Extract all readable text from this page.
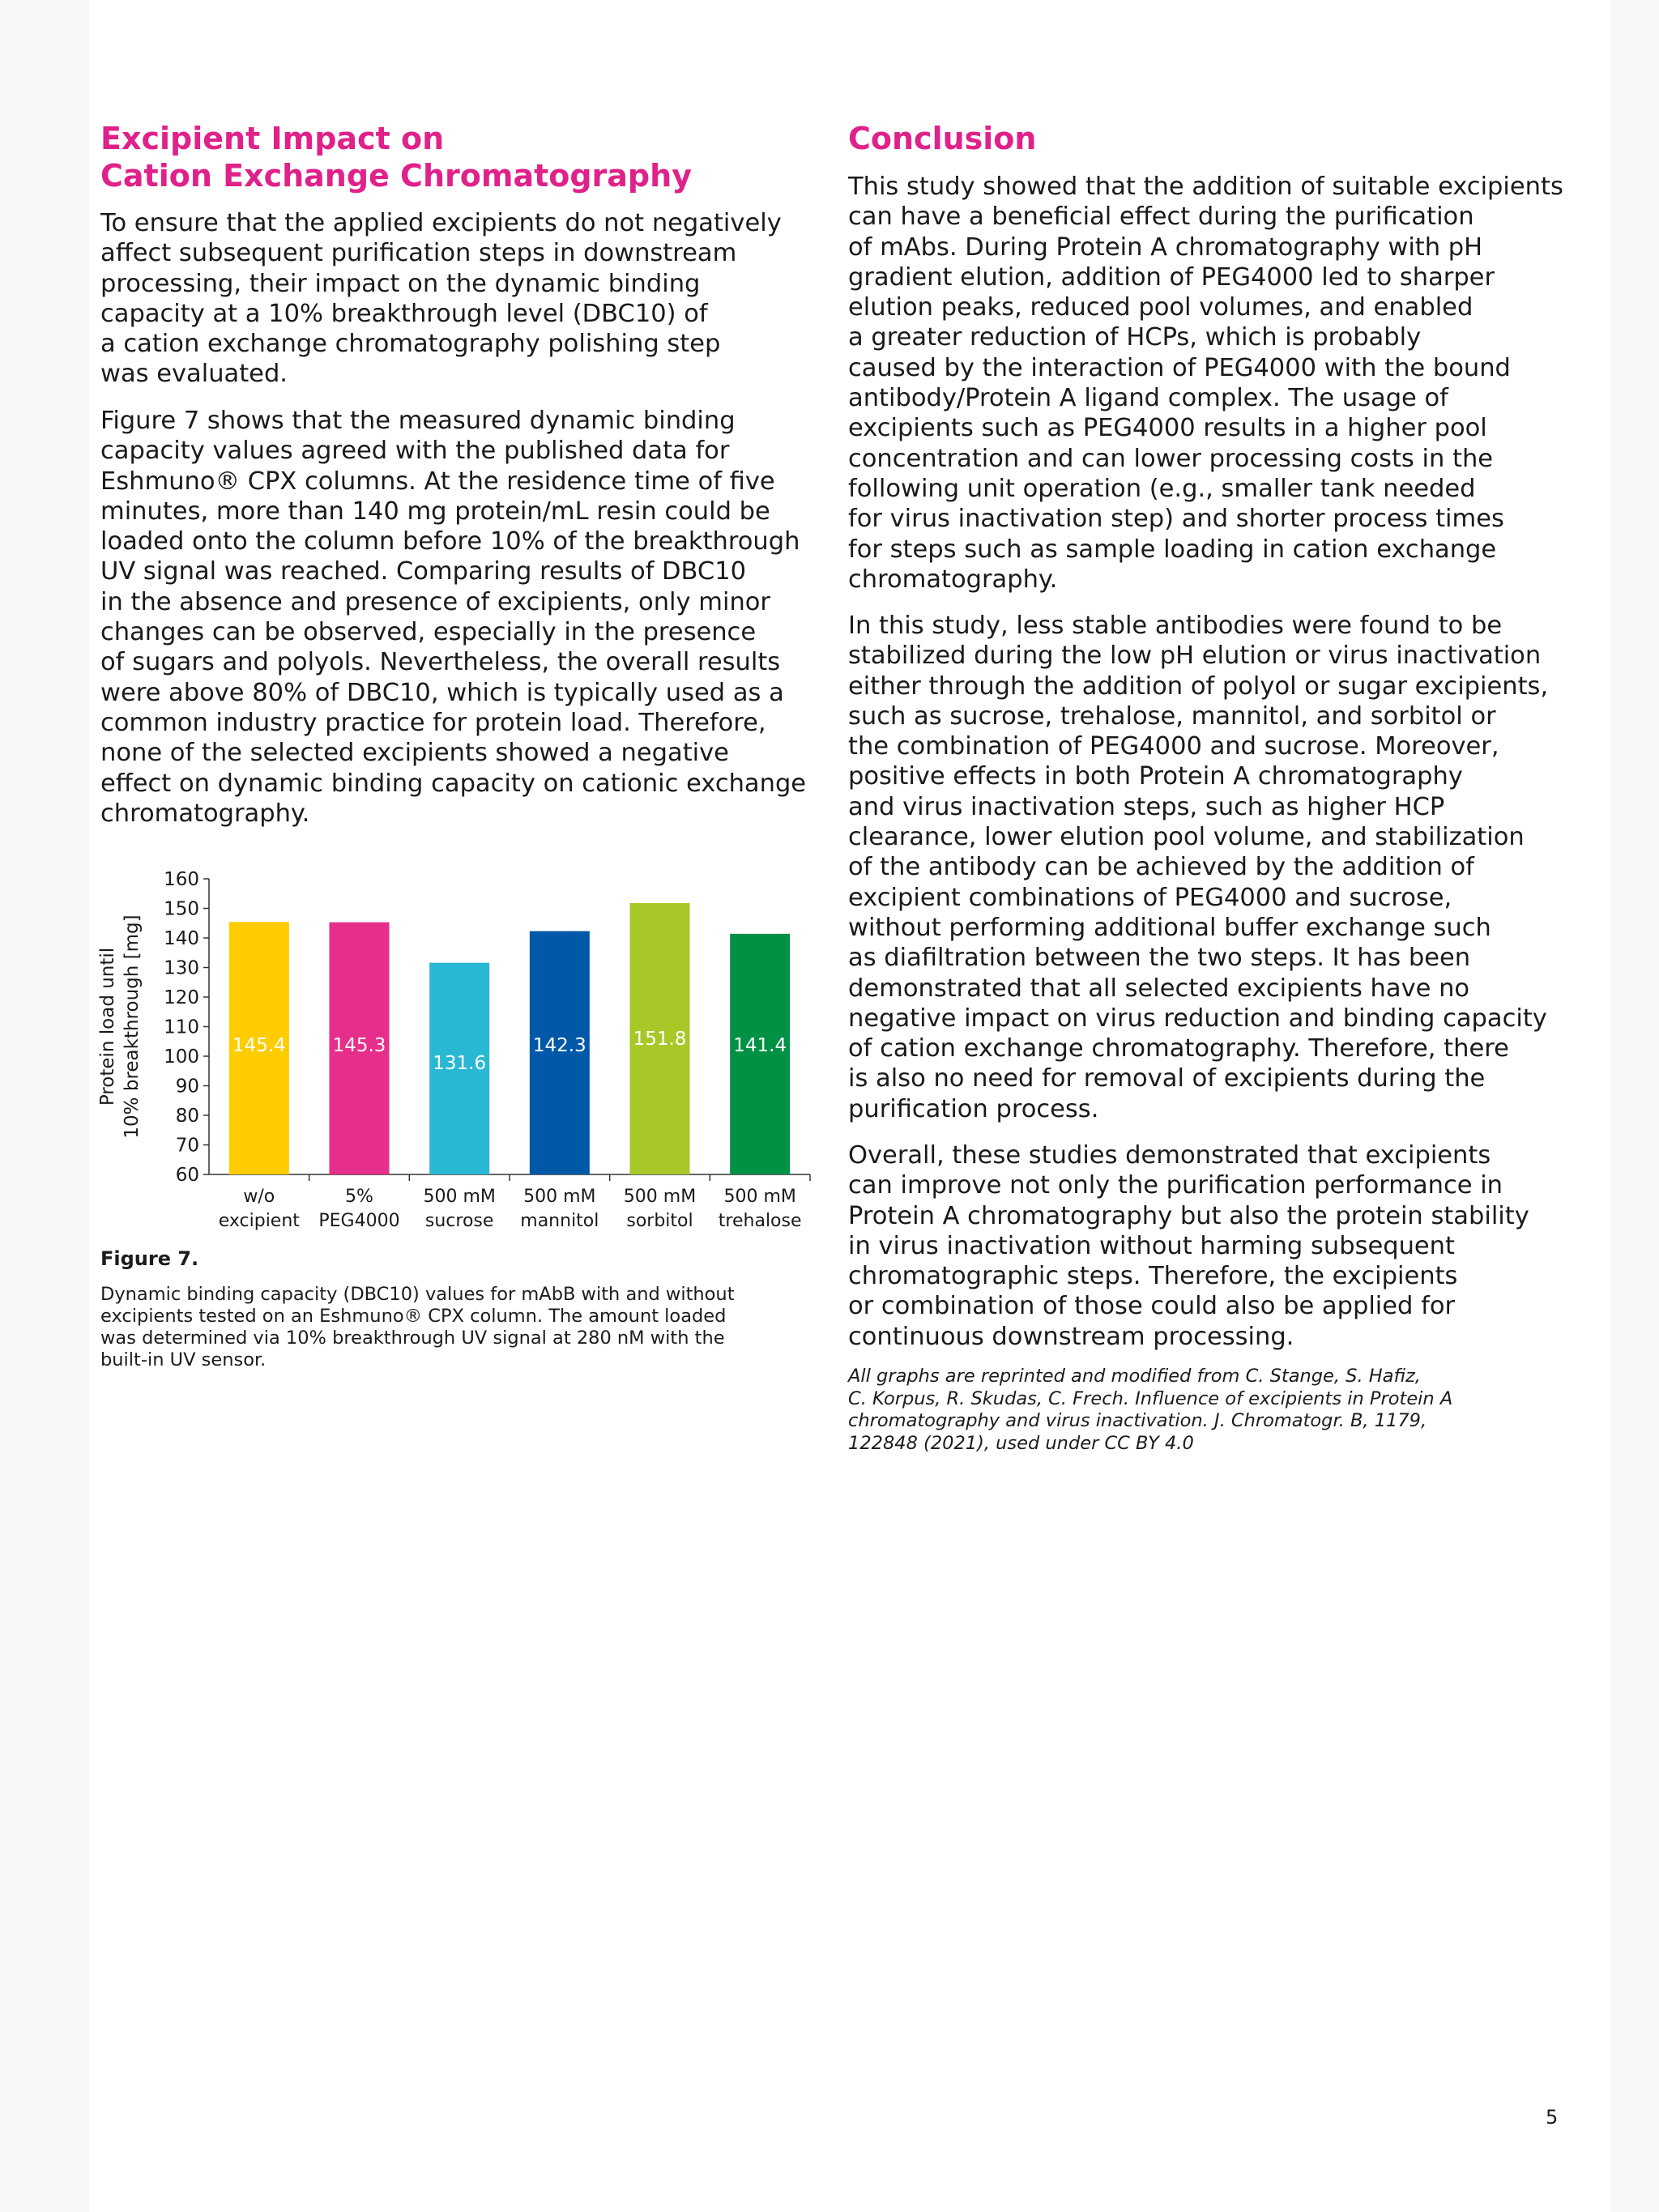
Excipient Impact on
Cation Exchange Chromatography

To ensure that the applied excipients do not negatively
affect subsequent purification steps in downstream
processing, their impact on the dynamic binding
capacity at a 10% breakthrough level (DBC10) of
a cation exchange chromatography polishing step
was evaluated.

Figure 7 shows that the measured dynamic binding
capacity values agreed with the published data for
Eshmuno® CPX columns. At the residence time of five
minutes, more than 140 mg protein/mL resin could be
loaded onto the column before 10% of the breakthrough
UV signal was reached. Comparing results of DBC10
in the absence and presence of excipients, only minor
changes can be observed, especially in the presence
of sugars and polyols. Nevertheless, the overall results
were above 80% of DBC10, which is typically used as a
common industry practice for protein load. Therefore,
none of the selected excipients showed a negative
effect on dynamic binding capacity on cationic exchange
chromatography.

60
70
80
90
100
110
120
130
140
150
160
Protein load until 10% breakthrough [mg]	145.4
w/o
excipient
145.3
5%
PEG4000
131.6
500 mM
sucrose
142.3
500 mM
mannitol
151.8
500 mM
sorbitol
141.4
500 mM
trehalose

Figure 7.

Dynamic binding capacity (DBC10) values for mAbB with and without
excipients tested on an Eshmuno® CPX column. The amount loaded
was determined via 10% breakthrough UV signal at 280 nM with the
built-in UV sensor.

Conclusion

This study showed that the addition of suitable excipients
can have a beneficial effect during the purification
of mAbs. During Protein A chromatography with pH
gradient elution, addition of PEG4000 led to sharper
elution peaks, reduced pool volumes, and enabled
a greater reduction of HCPs, which is probably
caused by the interaction of PEG4000 with the bound
antibody/Protein A ligand complex. The usage of
excipients such as PEG4000 results in a higher pool
concentration and can lower processing costs in the
following unit operation (e.g., smaller tank needed
for virus inactivation step) and shorter process times
for steps such as sample loading in cation exchange
chromatography.

In this study, less stable antibodies were found to be
stabilized during the low pH elution or virus inactivation
either through the addition of polyol or sugar excipients,
such as sucrose, trehalose, mannitol, and sorbitol or
the combination of PEG4000 and sucrose. Moreover,
positive effects in both Protein A chromatography
and virus inactivation steps, such as higher HCP
clearance, lower elution pool volume, and stabilization
of the antibody can be achieved by the addition of
excipient combinations of PEG4000 and sucrose,
without performing additional buffer exchange such
as diafiltration between the two steps. It has been
demonstrated that all selected excipients have no
negative impact on virus reduction and binding capacity
of cation exchange chromatography. Therefore, there
is also no need for removal of excipients during the
purification process.

Overall, these studies demonstrated that excipients
can improve not only the purification performance in
Protein A chromatography but also the protein stability
in virus inactivation without harming subsequent
chromatographic steps. Therefore, the excipients
or combination of those could also be applied for
continuous downstream processing.

All graphs are reprinted and modified from C. Stange, S. Hafiz,
C. Korpus, R. Skudas, C. Frech. Influence of excipients in Protein A
chromatography and virus inactivation. J. Chromatogr. B, 1179,
122848 (2021), used under CC BY 4.0

5
